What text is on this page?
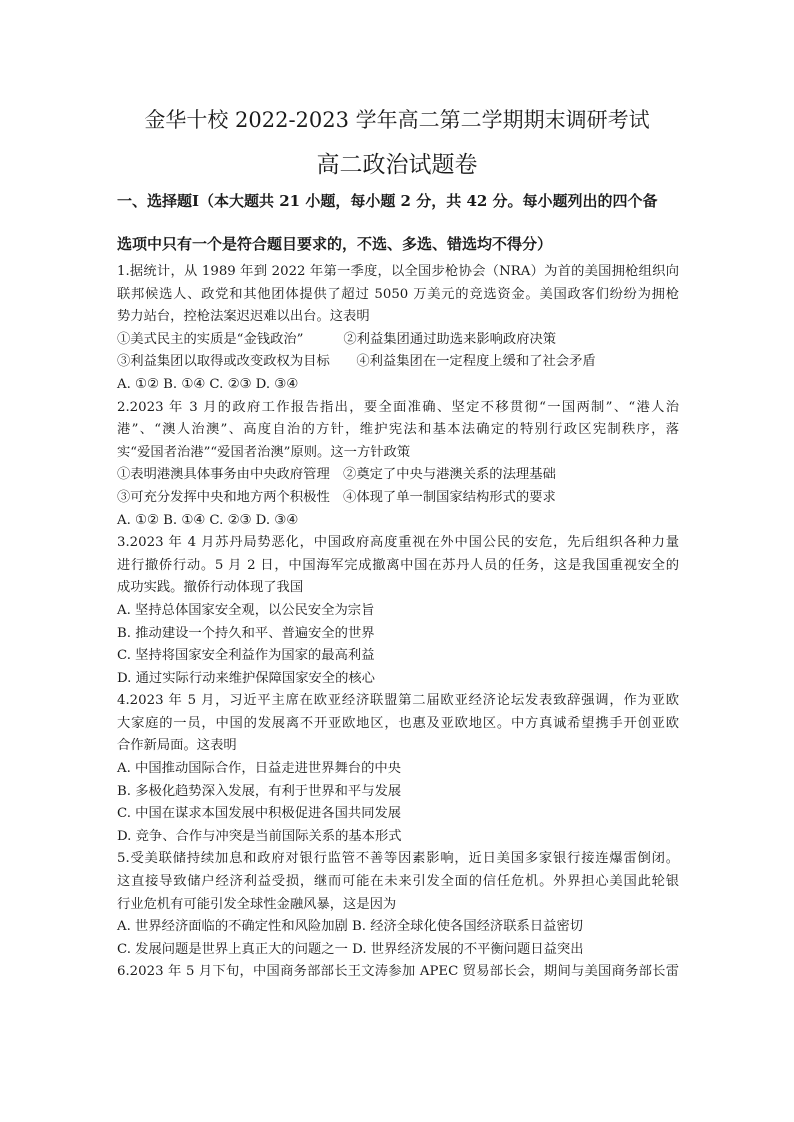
金华十校 2022-2023 学年高二第二学期期末调研考试
高二政治试题卷
一、选择题Ⅰ（本大题共 21 小题，每小题 2 分，共 42 分。每小题列出的四个备
选项中只有一个是符合题目要求的，不选、多选、错选均不得分）
1.据统计，从 1989 年到 2022 年第一季度，以全国步枪协会（NRA）为首的美国拥枪组织向
联邦候选人、政党和其他团体提供了超过 5050 万美元的竞选资金。美国政客们纷纷为拥枪
势力站台，控枪法案迟迟难以出台。这表明
①美式民主的实质是“金钱政治”　　　②利益集团通过助选来影响政府决策
③利益集团以取得或改变政权为目标　　④利益集团在一定程度上缓和了社会矛盾
A. ①② B. ①④ C. ②③ D. ③④
2.2023 年 3 月的政府工作报告指出，要全面准确、坚定不移贯彻“一国两制”、“港人治
港”、“澳人治澳”、高度自治的方针，维护宪法和基本法确定的特别行政区宪制秩序，落
实“爱国者治港”“爱国者治澳”原则。这一方针政策
①表明港澳具体事务由中央政府管理　②奠定了中央与港澳关系的法理基础
③可充分发挥中央和地方两个积极性　④体现了单一制国家结构形式的要求
A. ①② B. ①④ C. ②③ D. ③④
3.2023 年 4 月苏丹局势恶化，中国政府高度重视在外中国公民的安危，先后组织各种力量
进行撤侨行动。5 月 2 日，中国海军完成撤离中国在苏丹人员的任务，这是我国重视安全的
成功实践。撤侨行动体现了我国
A. 坚持总体国家安全观，以公民安全为宗旨
B. 推动建设一个持久和平、普遍安全的世界
C. 坚持将国家安全利益作为国家的最高利益
D. 通过实际行动来维护保障国家安全的核心
4.2023 年 5 月，习近平主席在欧亚经济联盟第二届欧亚经济论坛发表致辞强调，作为亚欧
大家庭的一员，中国的发展离不开亚欧地区，也惠及亚欧地区。中方真诚希望携手开创亚欧
合作新局面。这表明
A. 中国推动国际合作，日益走进世界舞台的中央
B. 多极化趋势深入发展，有利于世界和平与发展
C. 中国在谋求本国发展中积极促进各国共同发展
D. 竞争、合作与冲突是当前国际关系的基本形式
5.受美联储持续加息和政府对银行监管不善等因素影响，近日美国多家银行接连爆雷倒闭。
这直接导致储户经济利益受损，继而可能在未来引发全面的信任危机。外界担心美国此轮银
行业危机有可能引发全球性金融风暴，这是因为
A. 世界经济面临的不确定性和风险加剧 B. 经济全球化使各国经济联系日益密切
C. 发展问题是世界上真正大的问题之一 D. 世界经济发展的不平衡问题日益突出
6.2023 年 5 月下旬，中国商务部部长王文涛参加 APEC 贸易部长会，期间与美国商务部长雷
